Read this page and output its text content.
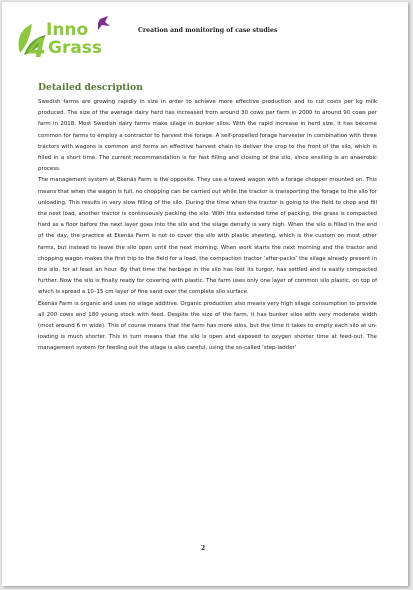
4
Inno
Grass
Creation and monitoring of case studies
Detailed description

Swedish farms are growing rapidly in size in order to achieve more effective production and to cut costs per kg milk produced. The size of the average dairy herd has increased from around 30 cows per farm in 2000 to around 90 cows per farm in 2018. Most Swedish dairy farms make silage in bunker silos. With the rapid increase in herd size, it has become common for farms to employ a contractor to harvest the forage. A self-propelled forage harvester in combination with three tractors with wagons is common and forms an effective harvest chain to deliver the crop to the front of the silo, which is filled in a short time. The current recommendation is for fast filling and closing of the silo, since ensiling is an anaerobic process.

The management system at Ekenäs Farm is the opposite. They use a towed wagon with a forage chopper mounted on. This means that when the wagon is full, no chopping can be carried out while the tractor is transporting the forage to the silo for unloading. This results in very slow filling of the silo. During the time when the tractor is going to the field to chop and fill the next load, another tractor is continuously packing the silo. With this extended time of packing, the grass is compacted hard as a floor before the next layer goes into the silo and the silage density is very high. When the silo is filled in the end of the day, the practice at Ekenäs Farm is not to cover the silo with plastic sheeting, which is the custom on most other farms, but instead to leave the silo open until the next morning. When work starts the next morning and the tractor and chopping wagon makes the first trip to the field for a load, the compaction tractor ‘after-packs’ the silage already present in the silo, for at least an hour. By that time the herbage in the silo has lost its turgor, has settled and is easily compacted further. Now the silo is finally ready for covering with plastic. The farm uses only one layer of common silo plastic, on top of which is spread a 10–15 cm layer of fine sand over the complete silo surface.

Ekenäs Farm is organic and uses no silage additive. Organic production also means very high silage consumption to provide all 200 cows and 180 young stock with feed. Despite the size of the farm, it has bunker silos with very moderate width (most around 6 m wide). This of course means that the farm has more silos, but the time it takes to empty each silo at un-loading is much shorter. This in turn means that the silo is open and exposed to oxygen shorter time at feed-out. The management system for feeding out the silage is also careful, using the so-called ‘step-ladder’

2
